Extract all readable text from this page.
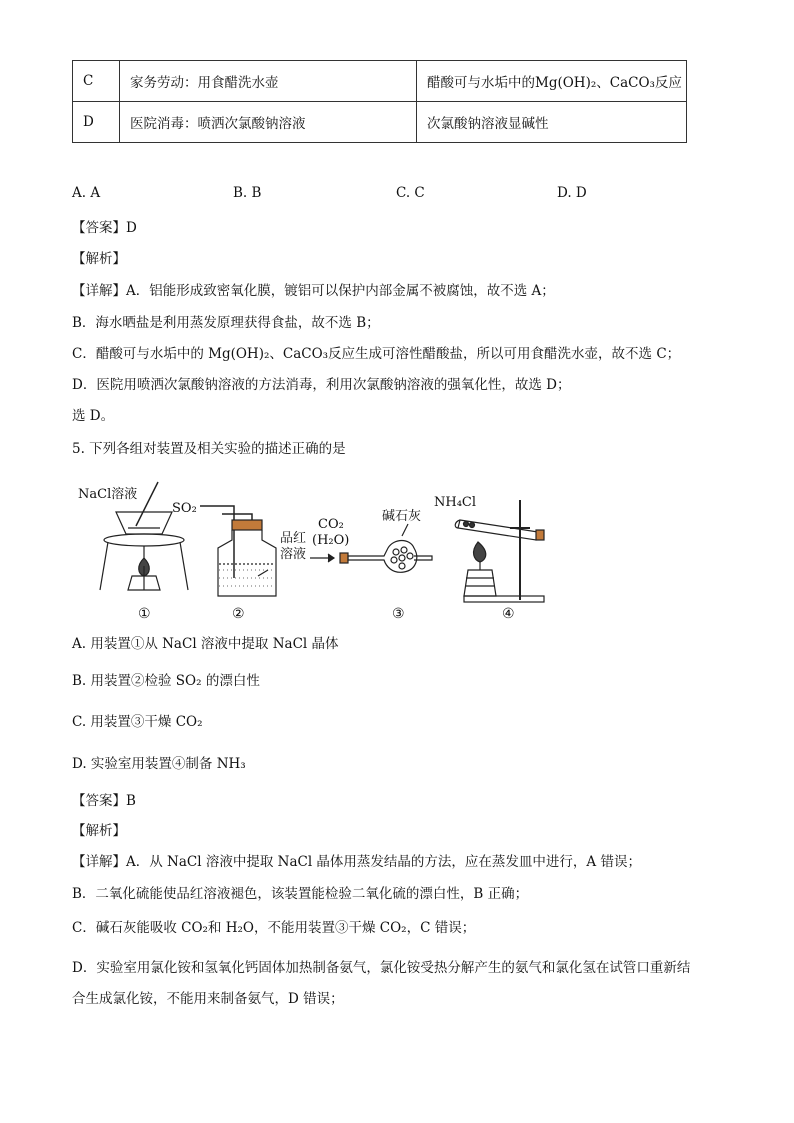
C	家务劳动：用食醋洗水壶	醋酸可与水垢中的Mg(OH)₂、CaCO₃反应
D	医院消毒：喷洒次氯酸钠溶液	次氯酸钠溶液显碱性
A. A	B. B	C. C	D. D
【答案】D
【解析】
【详解】A．铝能形成致密氧化膜，镀铝可以保护内部金属不被腐蚀，故不选 A；
B．海水晒盐是利用蒸发原理获得食盐，故不选 B；
C．醋酸可与水垢中的 Mg(OH)₂、CaCO₃反应生成可溶性醋酸盐，所以可用食醋洗水壶，故不选 C；
D．医院用喷洒次氯酸钠溶液的方法消毒，利用次氯酸钠溶液的强氧化性，故选 D；
选 D。
5. 下列各组对装置及相关实验的描述正确的是
NaCl溶液
①
SO₂
品红
溶液
②
CO₂
(H₂O)
碱石灰
③
NH₄Cl
④
A. 用装置①从 NaCl 溶液中提取 NaCl 晶体
B. 用装置②检验 SO₂ 的漂白性
C. 用装置③干燥 CO₂
D. 实验室用装置④制备 NH₃
【答案】B
【解析】
【详解】A．从 NaCl 溶液中提取 NaCl 晶体用蒸发结晶的方法，应在蒸发皿中进行，A 错误；
B．二氧化硫能使品红溶液褪色，该装置能检验二氧化硫的漂白性，B 正确；
C．碱石灰能吸收 CO₂和 H₂O，不能用装置③干燥 CO₂，C 错误；
D．实验室用氯化铵和氢氧化钙固体加热制备氨气，氯化铵受热分解产生的氨气和氯化氢在试管口重新结
合生成氯化铵，不能用来制备氨气，D 错误；
